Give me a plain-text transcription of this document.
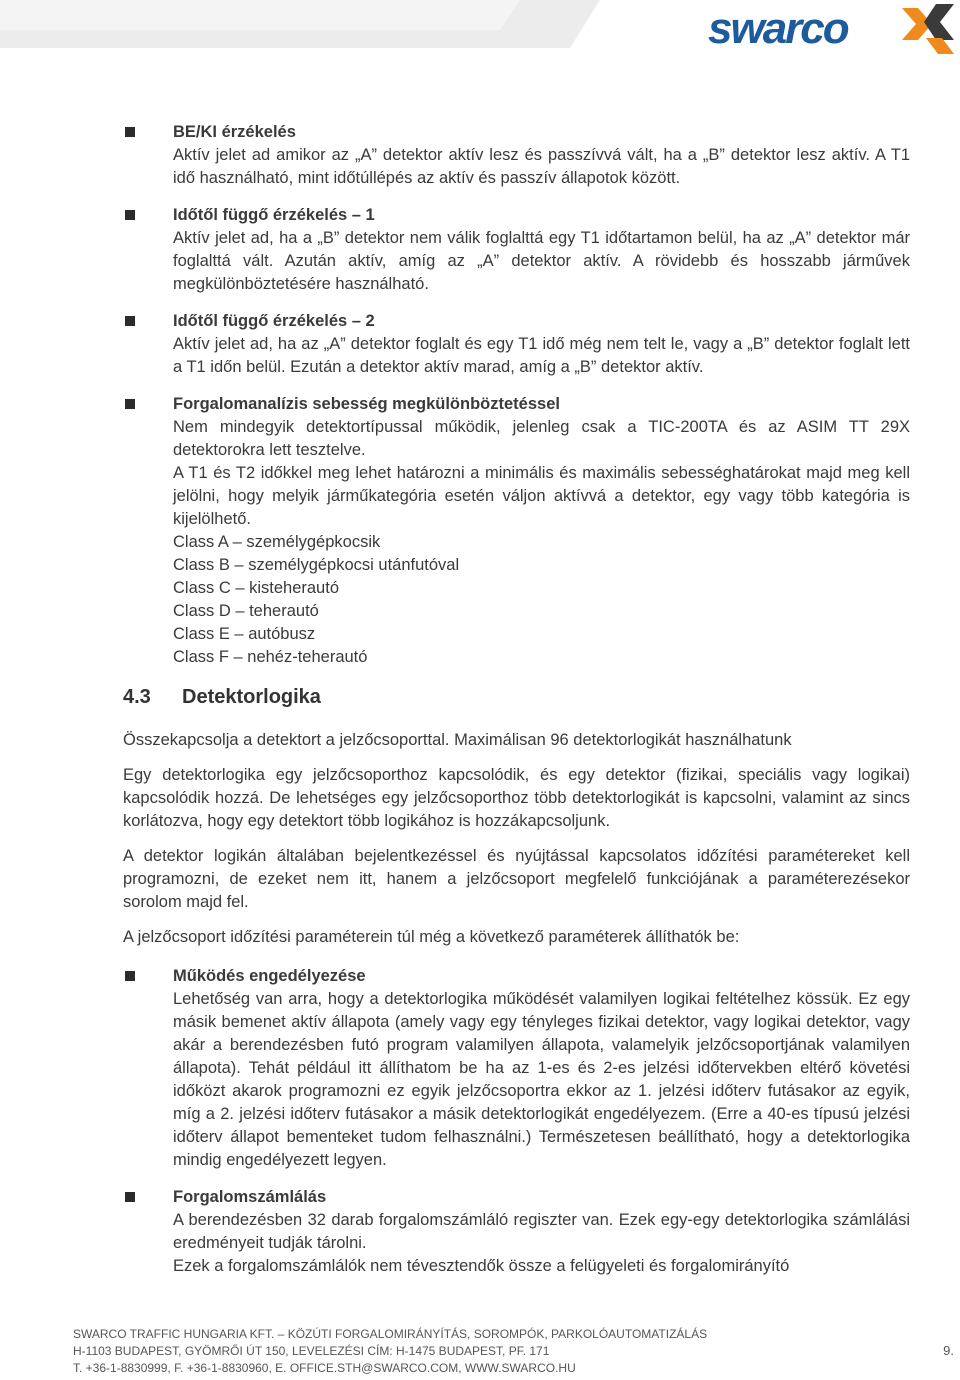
swarco
BE/KI érzékelés
Aktív jelet ad amikor az „A” detektor aktív lesz és passzívvá vált, ha a „B” detektor lesz aktív. A T1 idő használható, mint időtúllépés az aktív és passzív állapotok között.
Időtől függő érzékelés – 1
Aktív jelet ad, ha a „B” detektor nem válik foglalttá egy T1 időtartamon belül, ha az „A” detektor már foglalttá vált. Azután aktív, amíg az „A” detektor aktív. A rövidebb és hosszabb járművek megkülönböztetésére használható.
Időtől függő érzékelés – 2
Aktív jelet ad, ha az „A” detektor foglalt és egy T1 idő még nem telt le, vagy a „B” detektor foglalt lett a T1 időn belül. Ezután a detektor aktív marad, amíg a „B” detektor aktív.
Forgalomanalízis sebesség megkülönböztetéssel
Nem mindegyik detektortípussal működik, jelenleg csak a TIC-200TA és az ASIM TT 29X detektorokra lett tesztelve.
A T1 és T2 időkkel meg lehet határozni a minimális és maximális sebességhatárokat majd meg kell jelölni, hogy melyik járműkategória esetén váljon aktívvá a detektor, egy vagy több kategória is kijelölhető.
Class A – személygépkocsik
Class B – személygépkocsi utánfutóval
Class C – kisteherautó
Class D – teherautó
Class E – autóbusz
Class F – nehéz-teherautó
4.3 Detektorlogika

Összekapcsolja a detektort a jelzőcsoporttal. Maximálisan 96 detektorlogikát használhatunk

Egy detektorlogika egy jelzőcsoporthoz kapcsolódik, és egy detektor (fizikai, speciális vagy logikai) kapcsolódik hozzá. De lehetséges egy jelzőcsoporthoz több detektorlogikát is kapcsolni, valamint az sincs korlátozva, hogy egy detektort több logikához is hozzákapcsoljunk.

A detektor logikán általában bejelentkezéssel és nyújtással kapcsolatos időzítési paramétereket kell programozni, de ezeket nem itt, hanem a jelzőcsoport megfelelő funkciójának a paraméterezésekor sorolom majd fel.

A jelzőcsoport időzítési paraméterein túl még a következő paraméterek állíthatók be:

Működés engedélyezése
Lehetőség van arra, hogy a detektorlogika működését valamilyen logikai feltételhez kössük. Ez egy másik bemenet aktív állapota (amely vagy egy tényleges fizikai detektor, vagy logikai detektor, vagy akár a berendezésben futó program valamilyen állapota, valamelyik jelzőcsoportjának valamilyen állapota). Tehát például itt állíthatom be ha az 1-es és 2-es jelzési időtervekben eltérő követési időközt akarok programozni ez egyik jelzőcsoportra ekkor az 1. jelzési időterv futásakor az egyik, míg a 2. jelzési időterv futásakor a másik detektorlogikát engedélyezem. (Erre a 40-es típusú jelzési időterv állapot bementeket tudom felhasználni.) Természetesen beállítható, hogy a detektorlogika mindig engedélyezett legyen.
Forgalomszámlálás
A berendezésben 32 darab forgalomszámláló regiszter van. Ezek egy-egy detektorlogika számlálási eredményeit tudják tárolni.
Ezek a forgalomszámlálók nem tévesztendők össze a felügyeleti és forgalomirányító
SWARCO TRAFFIC HUNGARIA KFT. – KÖZÚTI FORGALOMIRÁNYÍTÁS, SOROMPÓK, PARKOLÓAUTOMATIZÁLÁS
H-1103 BUDAPEST, GYÖMRŐI ÚT 150, LEVELEZÉSI CÍM: H-1475 BUDAPEST, PF. 171
T. +36-1-8830999, F. +36-1-8830960, E. OFFICE.STH@SWARCO.COM, WWW.SWARCO.HU
9.
